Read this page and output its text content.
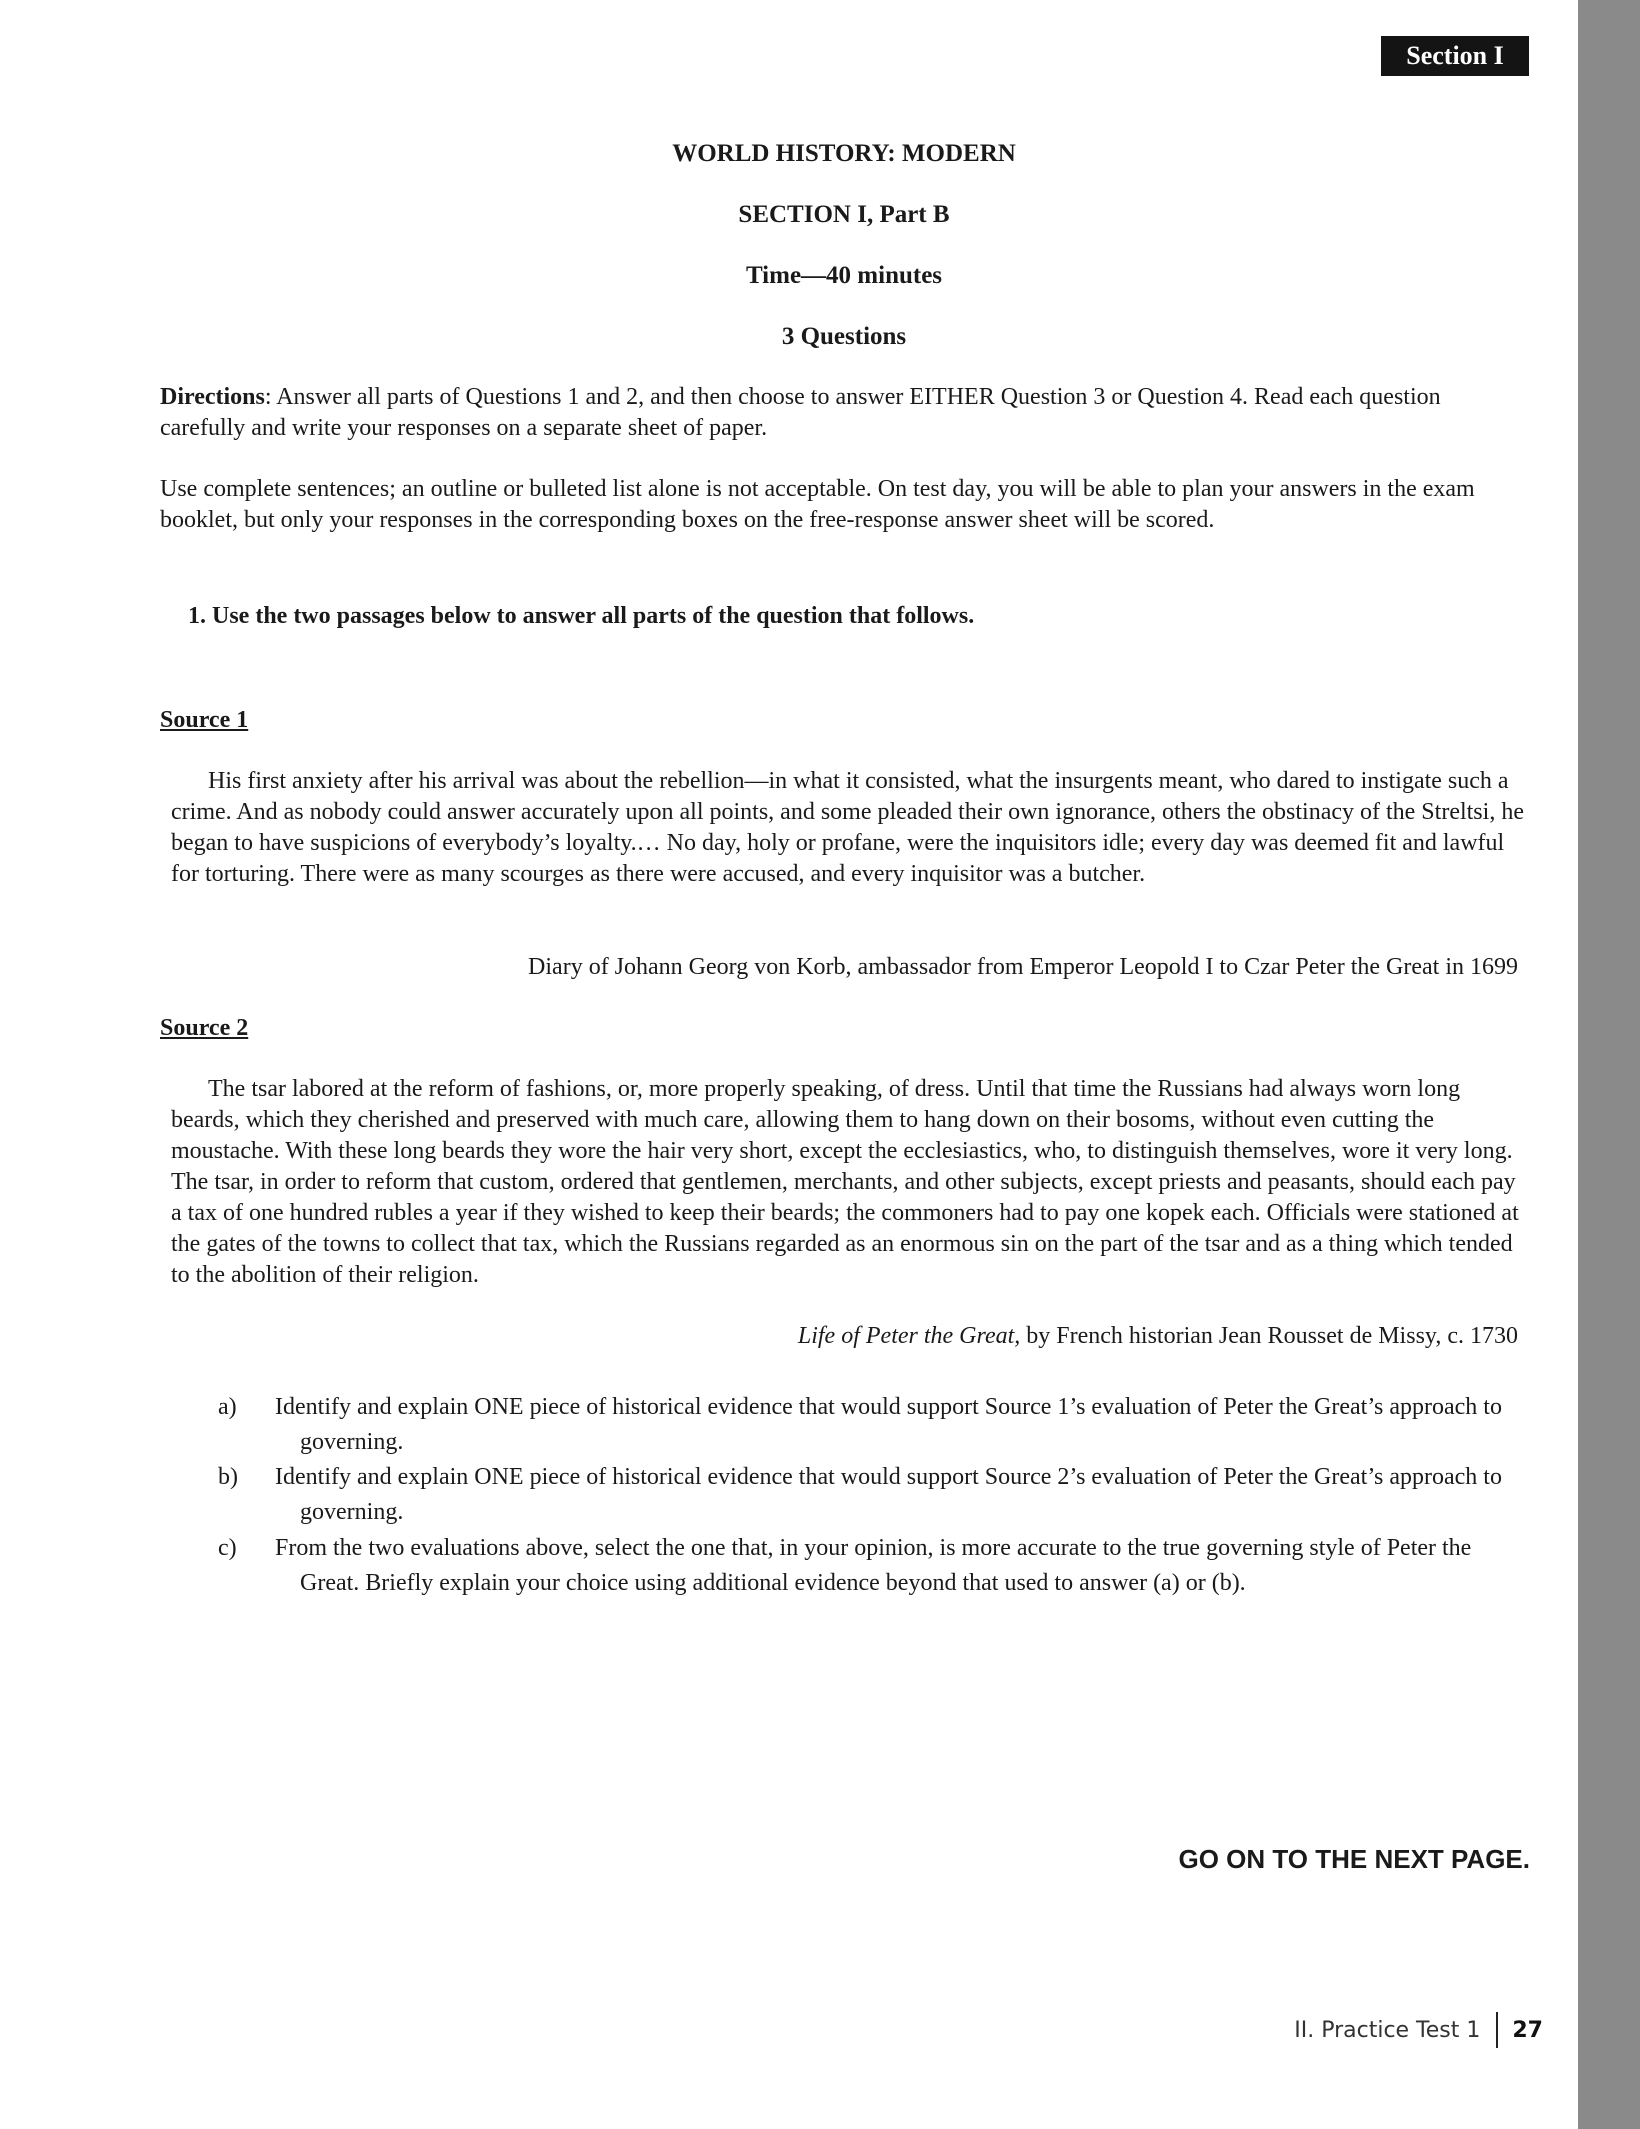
Section I
WORLD HISTORY: MODERN
SECTION I, Part B
Time—40 minutes
3 Questions
Directions: Answer all parts of Questions 1 and 2, and then choose to answer EITHER Question 3 or Question 4. Read each question carefully and write your responses on a separate sheet of paper.
Use complete sentences; an outline or bulleted list alone is not acceptable. On test day, you will be able to plan your answers in the exam booklet, but only your responses in the corresponding boxes on the free-response answer sheet will be scored.
1. Use the two passages below to answer all parts of the question that follows.
Source 1
His first anxiety after his arrival was about the rebellion—in what it consisted, what the insurgents meant, who dared to instigate such a crime. And as nobody could answer accurately upon all points, and some pleaded their own ignorance, others the obstinacy of the Streltsi, he began to have suspicions of everybody’s loyalty.… No day, holy or profane, were the inquisitors idle; every day was deemed fit and lawful for torturing. There were as many scourges as there were accused, and every inquisitor was a butcher.
Diary of Johann Georg von Korb, ambassador from Emperor Leopold I to Czar Peter the Great in 1699
Source 2
The tsar labored at the reform of fashions, or, more properly speaking, of dress. Until that time the Russians had always worn long beards, which they cherished and preserved with much care, allowing them to hang down on their bosoms, without even cutting the moustache. With these long beards they wore the hair very short, except the ecclesiastics, who, to distinguish themselves, wore it very long. The tsar, in order to reform that custom, ordered that gentlemen, merchants, and other subjects, except priests and peasants, should each pay a tax of one hundred rubles a year if they wished to keep their beards; the commoners had to pay one kopek each. Officials were stationed at the gates of the towns to collect that tax, which the Russians regarded as an enormous sin on the part of the tsar and as a thing which tended to the abolition of their religion.
Life of Peter the Great, by French historian Jean Rousset de Missy, c. 1730
a) Identify and explain ONE piece of historical evidence that would support Source 1’s evaluation of Peter the Great’s approach to governing.
b) Identify and explain ONE piece of historical evidence that would support Source 2’s evaluation of Peter the Great’s approach to governing.
c) From the two evaluations above, select the one that, in your opinion, is more accurate to the true governing style of Peter the Great. Briefly explain your choice using additional evidence beyond that used to answer (a) or (b).
GO ON TO THE NEXT PAGE.
II. Practice Test 1 27
